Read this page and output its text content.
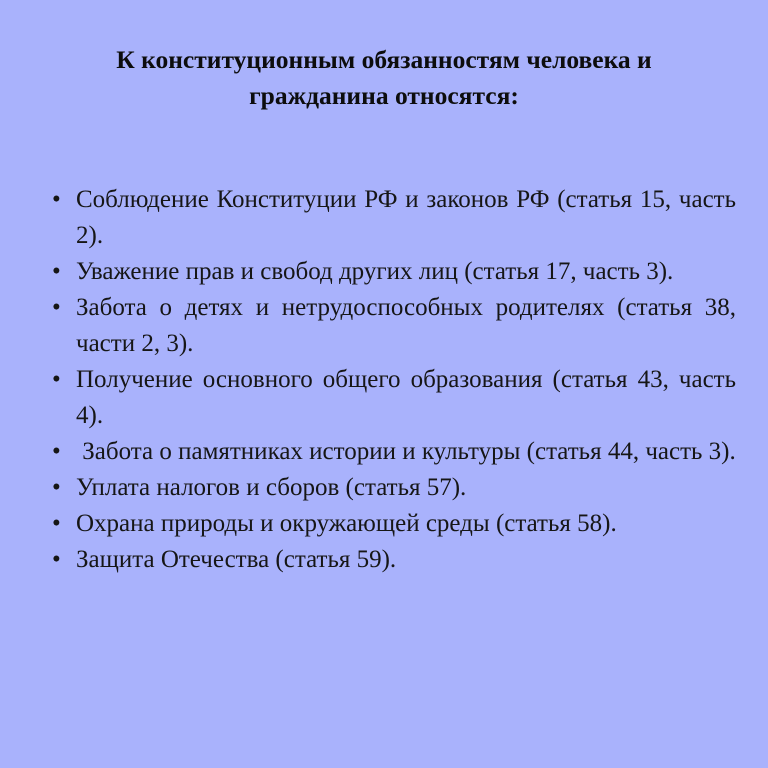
К конституционным обязанностям человека и гражданина относятся:
• Соблюдение Конституции РФ и законов РФ (статья 15, часть 2).
• Уважение прав и свобод других лиц (статья 17, часть 3).
• Забота о детях и нетрудоспособных родителях (статья 38, части 2, 3).
• Получение основного общего образования (статья 43, часть 4).
• Забота о памятниках истории и культуры (статья 44, часть 3).
• Уплата налогов и сборов (статья 57).
• Охрана природы и окружающей среды (статья 58).
• Защита Отечества (статья 59).
